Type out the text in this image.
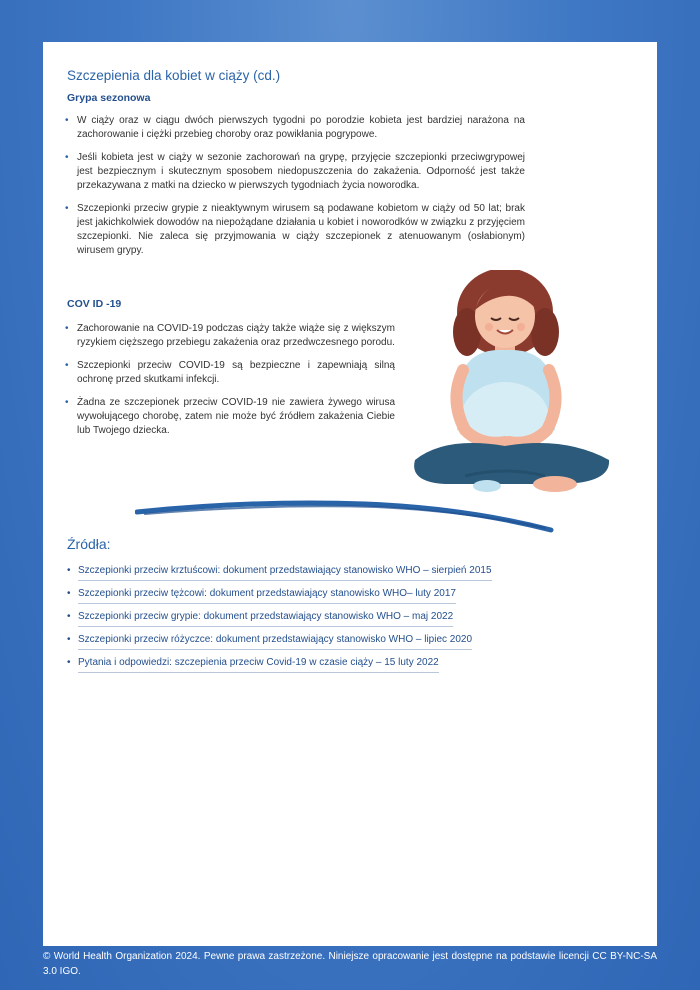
Szczepienia dla kobiet w ciąży (cd.)
Grypa sezonowa
• W ciąży oraz w ciągu dwóch pierwszych tygodni po porodzie kobieta jest bardziej narażona na zachorowanie i ciężki przebieg choroby oraz powikłania pogrypowe.
• Jeśli kobieta jest w ciąży w sezonie zachorowań na grypę, przyjęcie szczepionki przeciwgrypowej jest bezpiecznym i skutecznym sposobem niedopuszczenia do zakażenia. Odporność jest także przekazywana z matki na dziecko w pierwszych tygodniach życia noworodka.
• Szczepionki przeciw grypie z nieaktywnym wirusem są podawane kobietom w ciąży od 50 lat; brak jest jakichkolwiek dowodów na niepożądane działania u kobiet i noworodków w związku z przyjęciem szczepionki. Nie zaleca się przyjmowania w ciąży szczepionek z atenuowanym (osłabionym) wirusem grypy.
COV ID -19
• Zachorowanie na COVID-19 podczas ciąży także wiąże się z większym ryzykiem cięższego przebiegu zakażenia oraz przedwczesnego porodu.
• Szczepionki przeciw COVID-19 są bezpieczne i zapewniają silną ochronę przed skutkami infekcji.
• Żadna ze szczepionek przeciw COVID-19 nie zawiera żywego wirusa wywołującego chorobę, zatem nie może być źródłem zakażenia Ciebie lub Twojego dziecka.
Źródła:
• Szczepionki przeciw krztuścowi: dokument przedstawiający stanowisko WHO – sierpień 2015
• Szczepionki przeciw tężcowi: dokument przedstawiający stanowisko WHO– luty 2017
• Szczepionki przeciw grypie: dokument przedstawiający stanowisko WHO – maj 2022
• Szczepionki przeciw różyczce: dokument przedstawiający stanowisko WHO – lipiec 2020
• Pytania i odpowiedzi: szczepienia przeciw Covid-19 w czasie ciąży – 15 luty 2022
© World Health Organization 2024. Pewne prawa zastrzeżone. Niniejsze opracowanie jest dostępne na podstawie licencji CC BY-NC-SA 3.0 IGO.
